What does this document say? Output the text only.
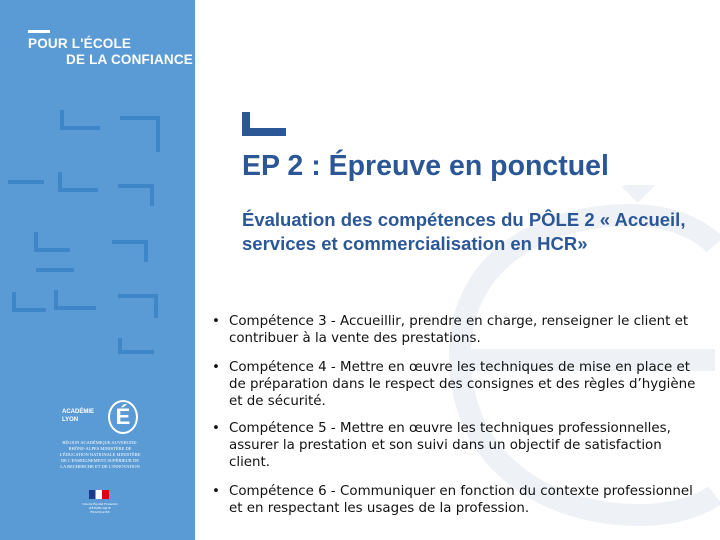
POUR L'ÉCOLE
DE LA CONFIANCE
ACADÉMIE LYON	É
RÉGION ACADÉMIQUE AUVERGNE-RHÔNE-ALPES MINISTÈRE DE L'ÉDUCATION NATIONALE MINISTÈRE DE L'ENSEIGNEMENT SUPÉRIEUR DE LA RECHERCHE ET DE L'INNOVATION
Liberté Égalité Fraternité RÉPUBLIQUE FRANÇAISE
EP 2 : Épreuve en ponctuel

Évaluation des compétences du PÔLE 2 « Accueil, services et commercialisation en HCR»

• Compétence 3 - Accueillir, prendre en charge, renseigner le client et contribuer à la vente des prestations.
• Compétence 4 - Mettre en œuvre les techniques de mise en place et de préparation dans le respect des consignes et des règles d’hygiène et de sécurité.
• Compétence 5 - Mettre en œuvre les techniques professionnelles, assurer la prestation et son suivi dans un objectif de satisfaction client.
• Compétence 6 - Communiquer en fonction du contexte professionnel et en respectant les usages de la profession.
